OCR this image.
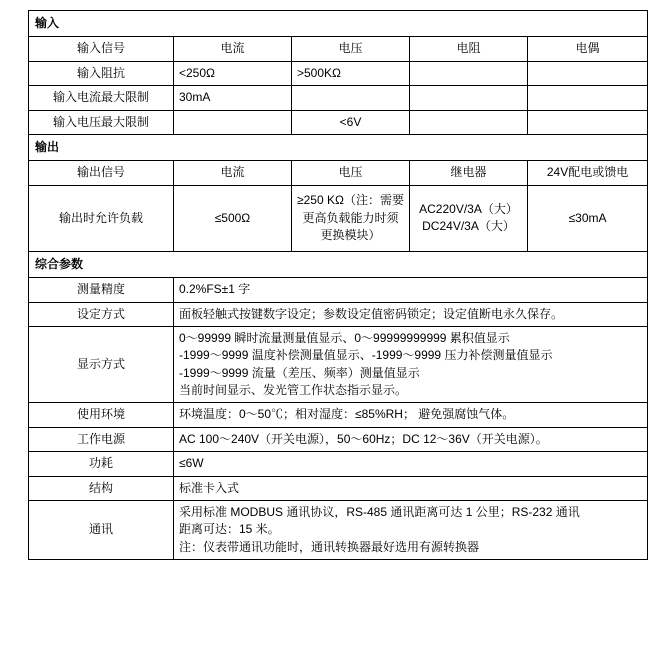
输入				
输入信号	电流	电压	电阻	电偶
输入阻抗	<250Ω	>500KΩ		
输入电流最大限制	30mA			
输入电压最大限制		<6V		
输出				
输出信号	电流	电压	继电器	24V配电或馈电
输出时允许负载	≤500Ω	≥250 KΩ（注：需要更高负载能力时须更换模块）	AC220V/3A（大）DC24V/3A（大）	≤30mA
综合参数				
测量精度	0.2%FS±1 字			
设定方式	面板轻触式按键数字设定；参数设定值密码锁定；设定值断电永久保存。			
显示方式	0～99999 瞬时流量测量值显示、0～99999999999 累积值显示
-1999～9999 温度补偿测量值显示、-1999～9999 压力补偿测量值显示
-1999～9999 流量（差压、频率）测量值显示
当前时间显示、发光管工作状态指示显示。			

使用环境	环境温度：0～50℃；相对湿度：≤85%RH； 避免强腐蚀气体。			
工作电源	AC 100～240V（开关电源），50～60Hz；DC 12～36V（开关电源）。			
功耗	≤6W			
结构	标准卡入式			
通讯	采用标准 MODBUS 通讯协议，RS-485 通讯距离可达 1 公里；RS-232 通讯
距离可达：15 米。
注：仪表带通讯功能时，通讯转换器最好选用有源转换器			
